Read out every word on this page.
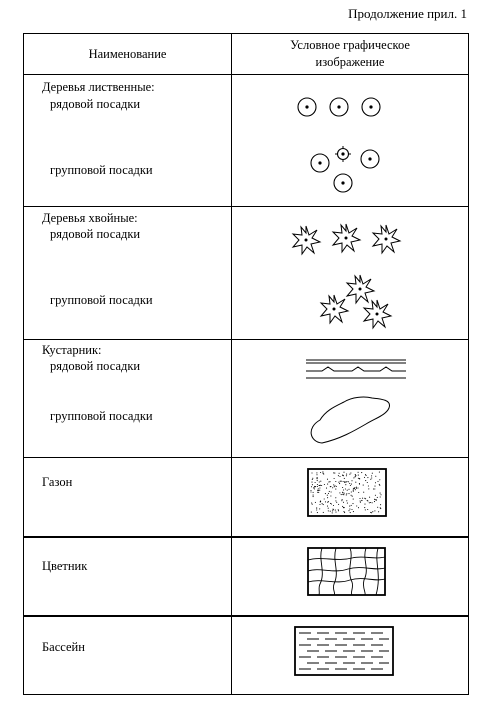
Продолжение прил. 1
Наименование	Условное графическое
изображение

Деревья лиственные:
рядовой посадки
групповой посадки

Деревья хвойные:
рядовой посадки
групповой посадки

Кустарник:
рядовой посадки
групповой посадки

Газон

Цветник

Бассейн
